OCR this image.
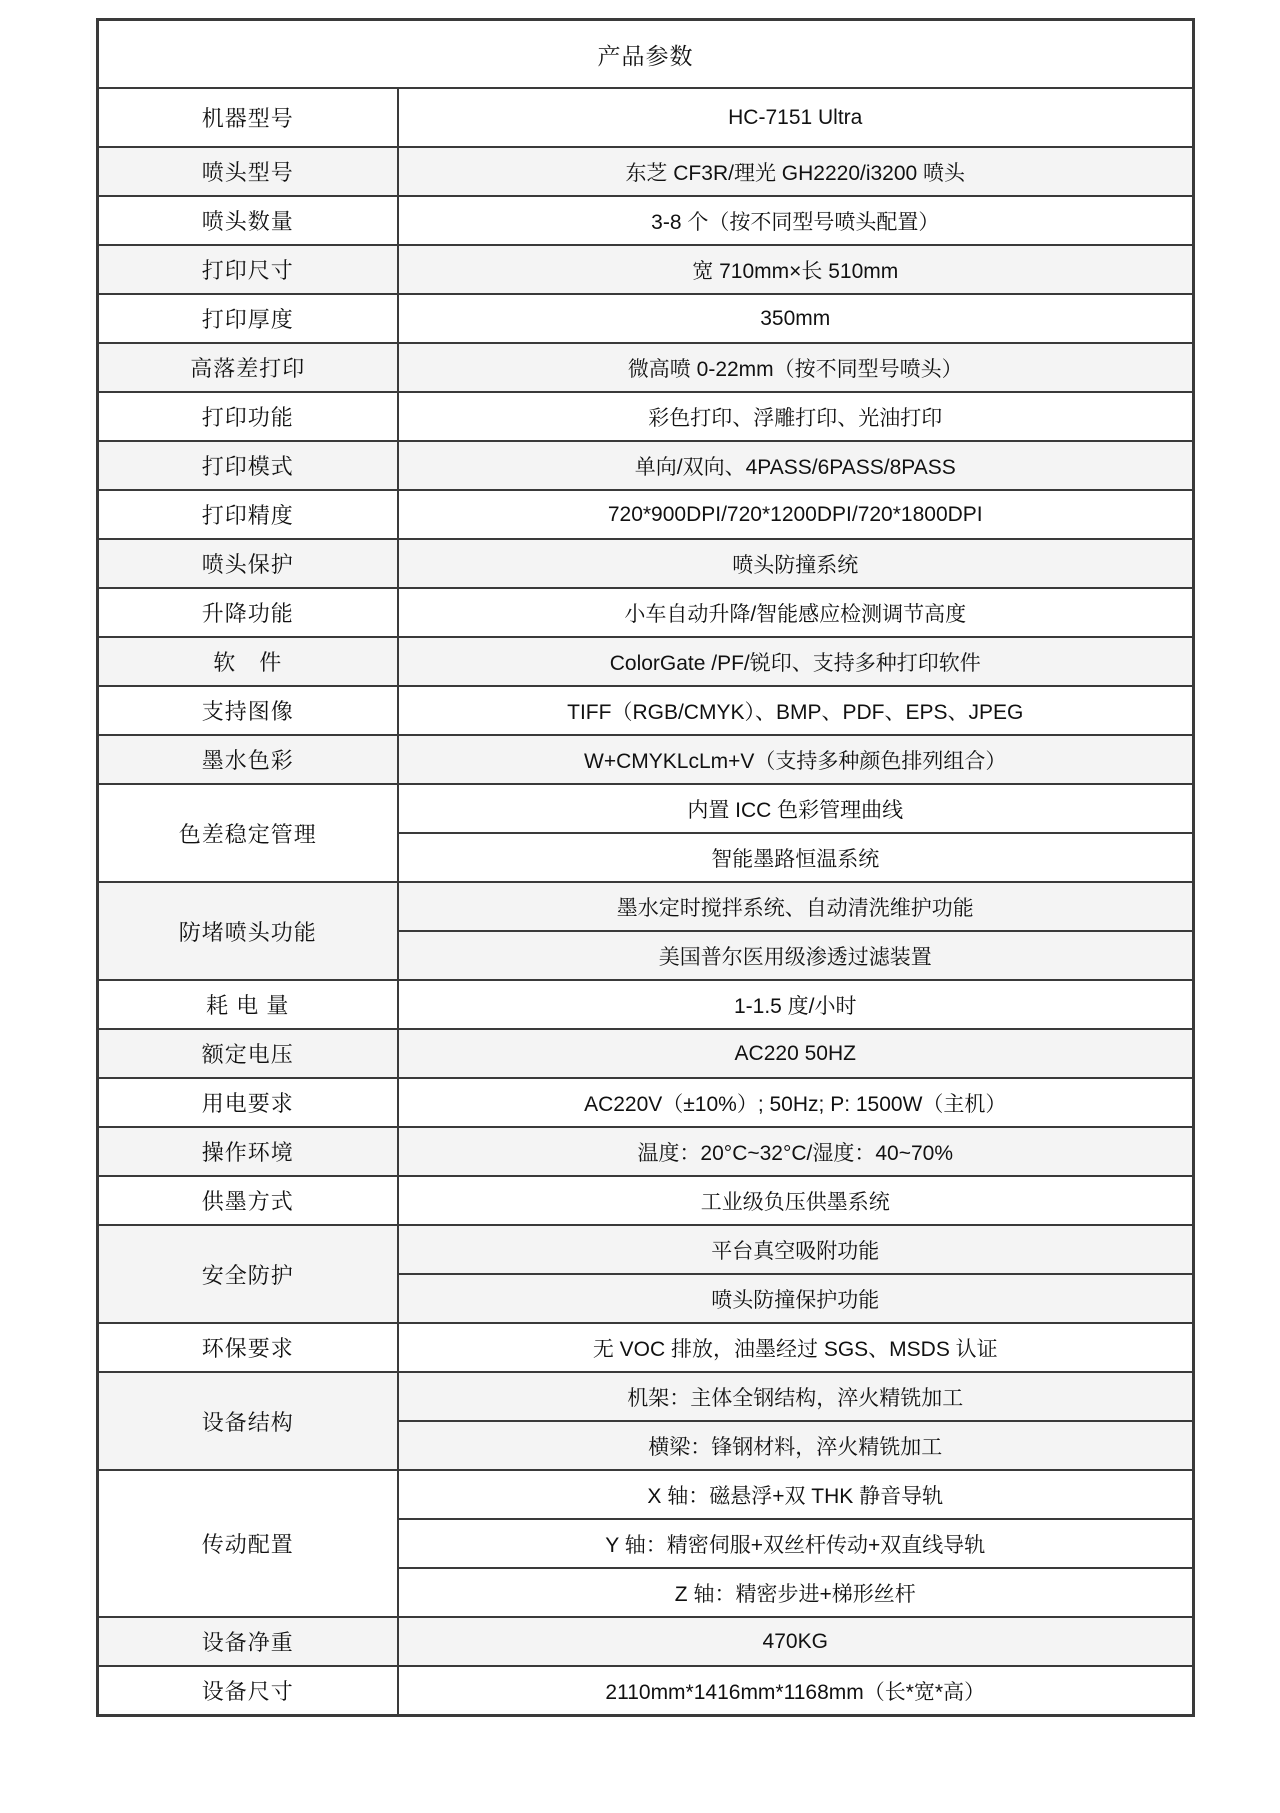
产品参数	
机器型号	HC-7151 Ultra
喷头型号	东芝 CF3R/理光 GH2220/i3200 喷头
喷头数量	3-8 个（按不同型号喷头配置）
打印尺寸	宽 710mm×长 510mm
打印厚度	350mm
高落差打印	微高喷 0-22mm（按不同型号喷头）
打印功能	彩色打印、浮雕打印、光油打印
打印模式	单向/双向、4PASS/6PASS/8PASS
打印精度	720*900DPI/720*1200DPI/720*1800DPI
喷头保护	喷头防撞系统
升降功能	小车自动升降/智能感应检测调节高度
软　件	ColorGate /PF/锐印、支持多种打印软件
支持图像	TIFF（RGB/CMYK）、BMP、PDF、EPS、JPEG
墨水色彩	W+CMYKLcLm+V（支持多种颜色排列组合）
色差稳定管理	内置 ICC 色彩管理曲线
	智能墨路恒温系统
防堵喷头功能	墨水定时搅拌系统、自动清洗维护功能
	美国普尔医用级渗透过滤装置
耗 电 量	1-1.5 度/小时
额定电压	AC220 50HZ
用电要求	AC220V（±10%）; 50Hz; P: 1500W（主机）
操作环境	温度：20°C~32°C/湿度：40~70%
供墨方式	工业级负压供墨系统
安全防护	平台真空吸附功能
	喷头防撞保护功能
环保要求	无 VOC 排放，油墨经过 SGS、MSDS 认证
设备结构	机架：主体全钢结构，淬火精铣加工
	横梁：锋钢材料，淬火精铣加工
传动配置	X 轴：磁悬浮+双 THK 静音导轨
	Y 轴：精密伺服+双丝杆传动+双直线导轨
	Z 轴：精密步进+梯形丝杆
设备净重	470KG
设备尺寸	2110mm*1416mm*1168mm（长*宽*高）
